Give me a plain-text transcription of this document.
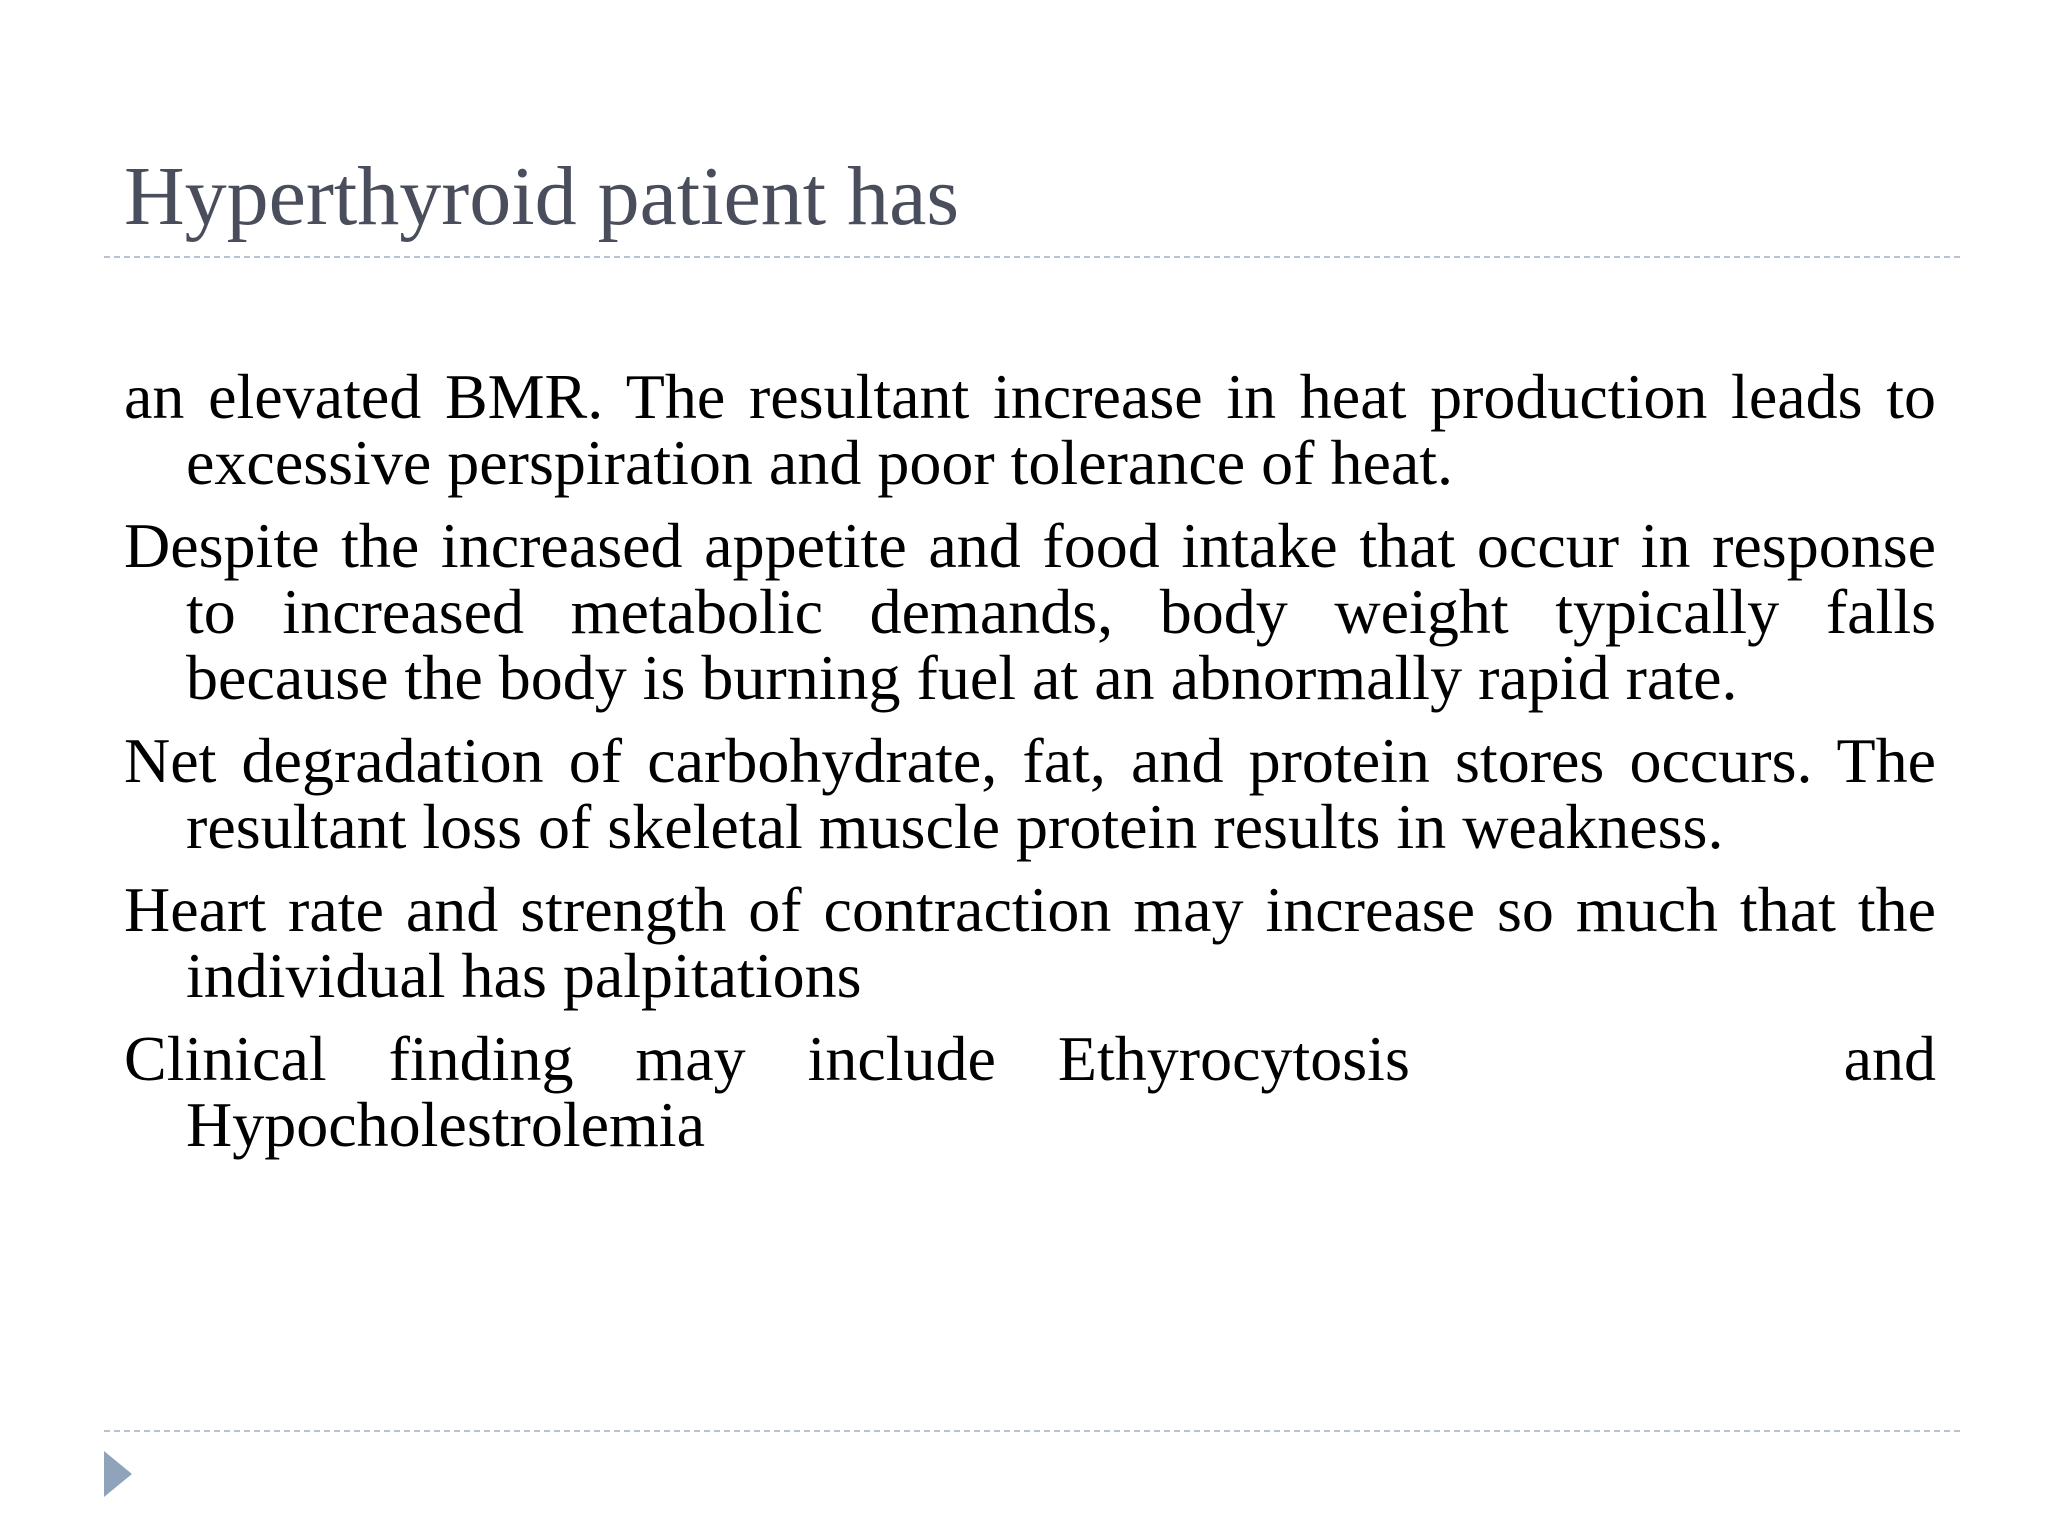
Hyperthyroid patient has
an elevated BMR. The resultant increase in heat production leads to excessive perspiration and poor tolerance of heat.
Despite the increased appetite and food intake that occur in response to increased metabolic demands, body weight typically falls because the body is burning fuel at an abnormally rapid rate.
Net degradation of carbohydrate, fat, and protein stores occurs. The resultant loss of skeletal muscle protein results in weakness.
Heart rate and strength of contraction may increase so much that the individual has palpitations
Clinical finding may include Ethyrocytosis       and Hypocholestrolemia
